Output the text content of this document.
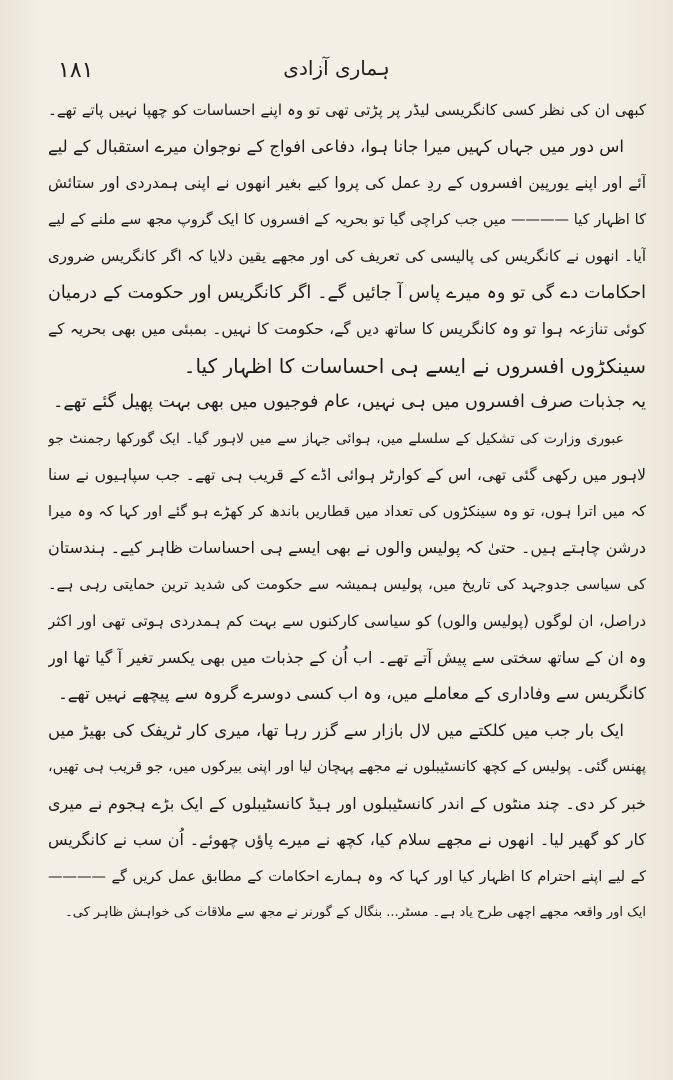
۱۸۱	ہماری آزادی
کبھی ان کی نظر کسی کانگریسی لیڈر پر پڑتی تھی تو وہ اپنے احساسات کو چھپا نہیں پاتے تھے۔
اس دور میں جہاں کہیں میرا جانا ہوا، دفاعی افواج کے نوجوان میرے استقبال کے لیے
آئے اور اپنے یورپین افسروں کے ردِ عمل کی پروا کیے بغیر انھوں نے اپنی ہمدردی اور ستائش
کا اظہار کیا ———— میں جب کراچی گیا تو بحریہ کے افسروں کا ایک گروپ مجھ سے ملنے کے لیے
آیا۔ انھوں نے کانگریس کی پالیسی کی تعریف کی اور مجھے یقین دلایا کہ اگر کانگریس ضروری
احکامات دے گی تو وہ میرے پاس آ جائیں گے۔ اگر کانگریس اور حکومت کے درمیان
کوئی تنازعہ ہوا تو وہ کانگریس کا ساتھ دیں گے، حکومت کا نہیں۔ بمبئی میں بھی بحریہ کے
سینکڑوں افسروں نے ایسے ہی احساسات کا اظہار کیا۔
یہ جذبات صرف افسروں میں ہی نہیں، عام فوجیوں میں بھی بہت پھیل گئے تھے۔
عبوری وزارت کی تشکیل کے سلسلے میں، ہوائی جہاز سے میں لاہور گیا۔ ایک گورکھا رجمنٹ جو
لاہور میں رکھی گئی تھی، اس کے کوارٹر ہوائی اڈے کے قریب ہی تھے۔ جب سپاہیوں نے سنا
کہ میں اترا ہوں، تو وہ سینکڑوں کی تعداد میں قطاریں باندھ کر کھڑے ہو گئے اور کہا کہ وہ میرا
درشن چاہتے ہیں۔ حتیٰ کہ پولیس والوں نے بھی ایسے ہی احساسات ظاہر کیے۔ ہندستان
کی سیاسی جدوجہد کی تاریخ میں، پولیس ہمیشہ سے حکومت کی شدید ترین حمایتی رہی ہے۔
دراصل، ان لوگوں (پولیس والوں) کو سیاسی کارکنوں سے بہت کم ہمدردی ہوتی تھی اور اکثر
وہ ان کے ساتھ سختی سے پیش آتے تھے۔ اب اُن کے جذبات میں بھی یکسر تغیر آ گیا تھا اور
کانگریس سے وفاداری کے معاملے میں، وہ اب کسی دوسرے گروہ سے پیچھے نہیں تھے۔
ایک بار جب میں کلکتے میں لال بازار سے گزر رہا تھا، میری کار ٹریفک کی بھیڑ میں
پھنس گئی۔ پولیس کے کچھ کانسٹیبلوں نے مجھے پہچان لیا اور اپنی بیرکوں میں، جو قریب ہی تھیں،
خبر کر دی۔ چند منٹوں کے اندر کانسٹیبلوں اور ہیڈ کانسٹیبلوں کے ایک بڑے ہجوم نے میری
کار کو گھیر لیا۔ انھوں نے مجھے سلام کیا، کچھ نے میرے پاؤں چھوئے۔ اُن سب نے کانگریس
کے لیے اپنے احترام کا اظہار کیا اور کہا کہ وہ ہمارے احکامات کے مطابق عمل کریں گے ————
ایک اور واقعہ مجھے اچھی طرح یاد ہے۔ مسٹر... بنگال کے گورنر نے مجھ سے ملاقات کی خواہش ظاہر کی۔
